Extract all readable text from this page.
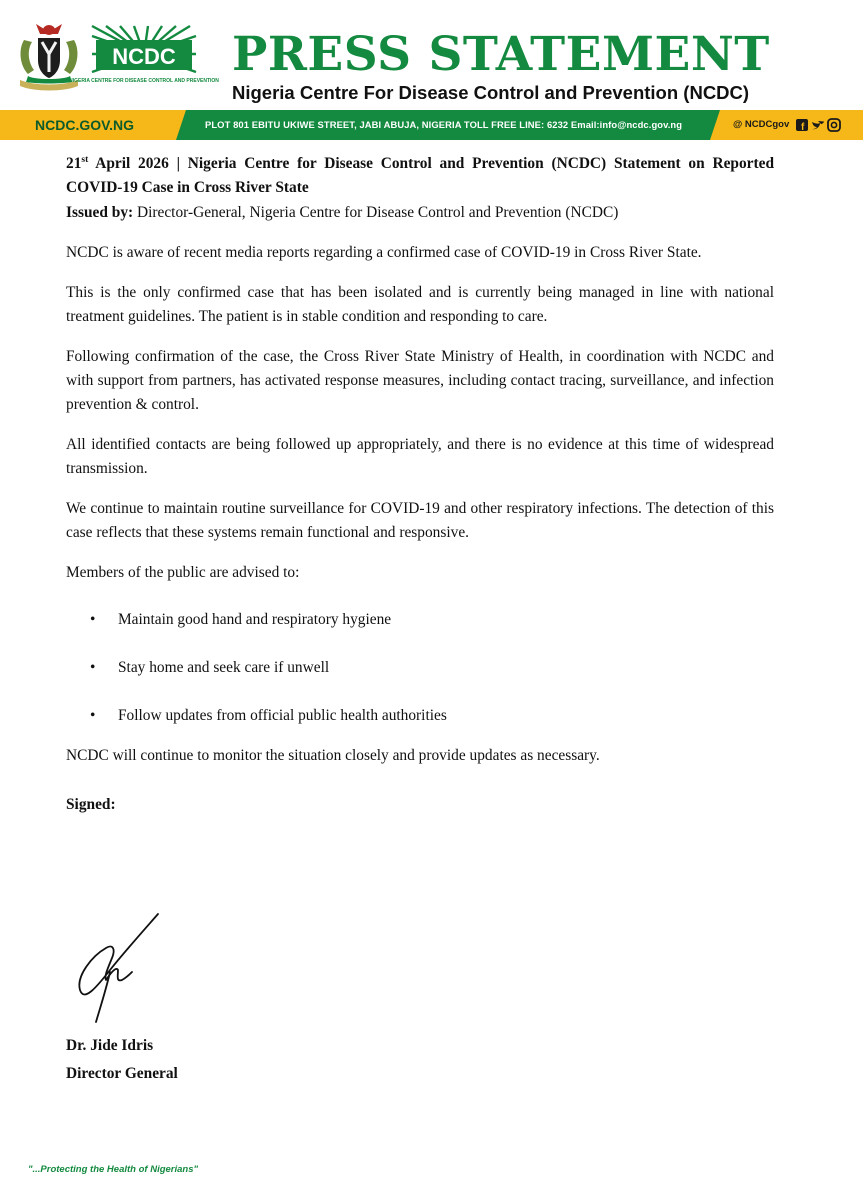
NCDC
NIGERIA CENTRE FOR DISEASE CONTROL AND PREVENTION PRESS STATEMENT
Nigeria Centre For Disease Control and Prevention (NCDC)
NCDC.GOV.NG	PLOT 801 EBITU UKIWE STREET, JABI ABUJA, NIGERIA TOLL FREE LINE: 6232 Email:info@ncdc.gov.ng	@ NCDCgov f

21st April 2026 | Nigeria Centre for Disease Control and Prevention (NCDC) Statement on Reported COVID-19 Case in Cross River State

Issued by: Director-General, Nigeria Centre for Disease Control and Prevention (NCDC)

NCDC is aware of recent media reports regarding a confirmed case of COVID-19 in Cross River State.

This is the only confirmed case that has been isolated and is currently being managed in line with national treatment guidelines. The patient is in stable condition and responding to care.

Following confirmation of the case, the Cross River State Ministry of Health, in coordination with NCDC and with support from partners, has activated response measures, including contact tracing, surveillance, and infection prevention & control.

All identified contacts are being followed up appropriately, and there is no evidence at this time of widespread transmission.

We continue to maintain routine surveillance for COVID-19 and other respiratory infections. The detection of this case reflects that these systems remain functional and responsive.

Members of the public are advised to:

• Maintain good hand and respiratory hygiene
• Stay home and seek care if unwell
• Follow updates from official public health authorities

NCDC will continue to monitor the situation closely and provide updates as necessary.

Signed:

Dr. Jide Idris
Director General
"...Protecting the Health of Nigerians"
